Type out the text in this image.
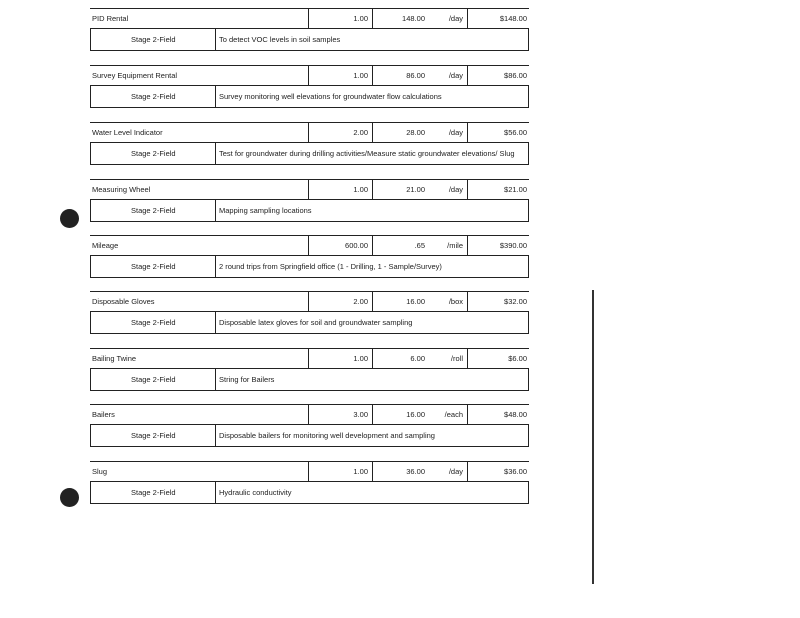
PID Rental	1.00	148.00	/day	$148.00
Stage 2-Field	To detect VOC levels in soil samples
Survey Equipment Rental	1.00	86.00	/day	$86.00
Stage 2-Field	Survey monitoring well elevations for groundwater flow calculations
Water Level Indicator	2.00	28.00	/day	$56.00
Stage 2-Field	Test for groundwater during drilling activities/Measure static groundwater elevations/ Slug
Measuring Wheel	1.00	21.00	/day	$21.00
Stage 2-Field	Mapping sampling locations
Mileage	600.00	.65	/mile	$390.00
Stage 2-Field	2 round trips from Springfield office (1 - Drilling, 1 - Sample/Survey)
Disposable Gloves	2.00	16.00	/box	$32.00
Stage 2-Field	Disposable latex gloves for soil and groundwater sampling
Bailing Twine	1.00	6.00	/roll	$6.00
Stage 2-Field	String for Bailers
Bailers	3.00	16.00	/each	$48.00
Stage 2-Field	Disposable bailers for monitoring well development and sampling
Slug	1.00	36.00	/day	$36.00
Stage 2-Field	Hydraulic conductivity
